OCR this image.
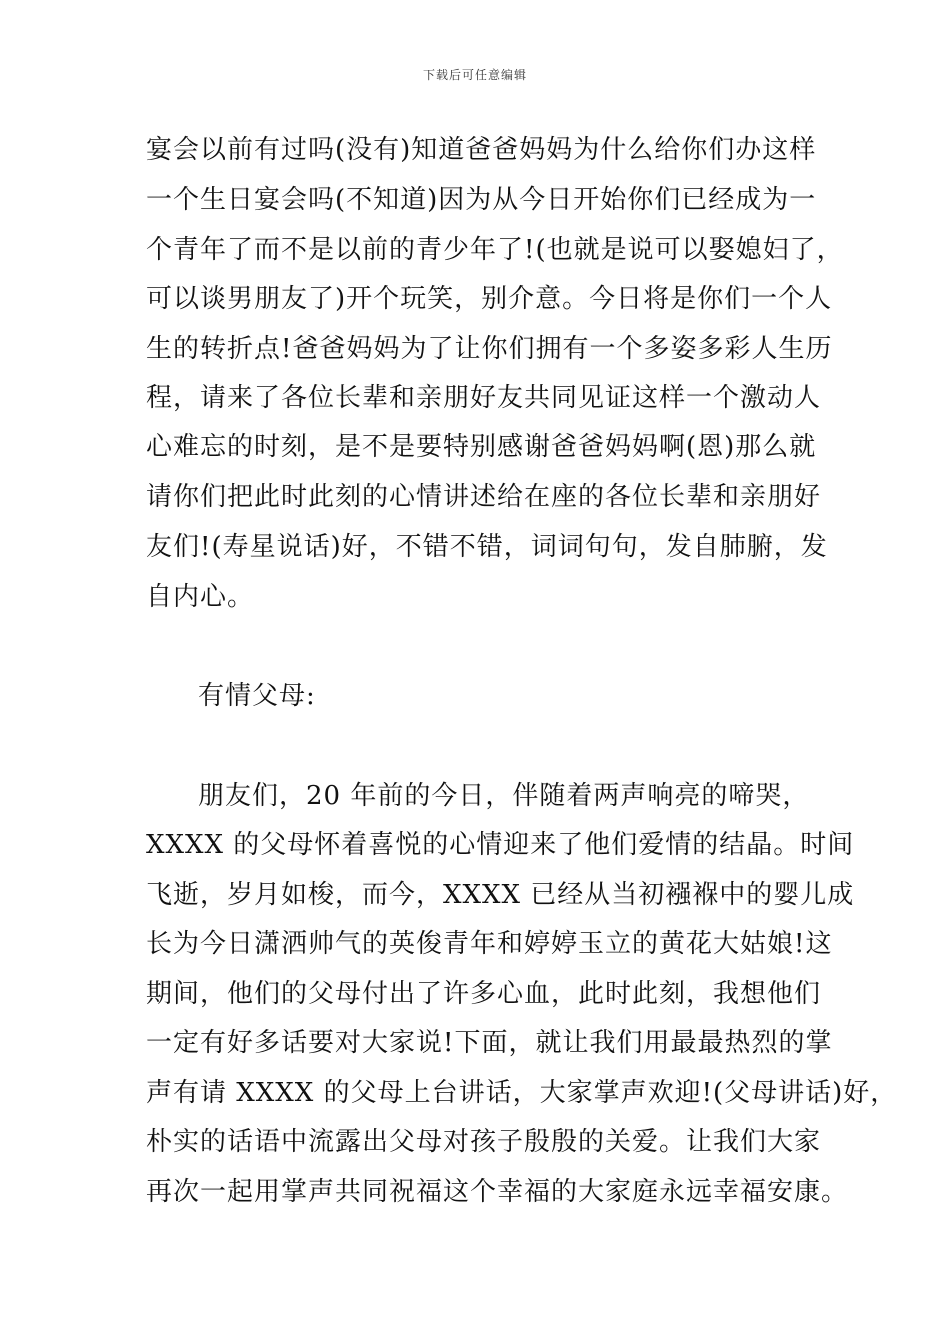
下载后可任意编辑
宴会以前有过吗(没有)知道爸爸妈妈为什么给你们办这样
一个生日宴会吗(不知道)因为从今日开始你们已经成为一
个青年了而不是以前的青少年了!(也就是说可以娶媳妇了，
可以谈男朋友了)开个玩笑，别介意。今日将是你们一个人
生的转折点!爸爸妈妈为了让你们拥有一个多姿多彩人生历
程，请来了各位长辈和亲朋好友共同见证这样一个激动人
心难忘的时刻，是不是要特别感谢爸爸妈妈啊(恩)那么就
请你们把此时此刻的心情讲述给在座的各位长辈和亲朋好
友们!(寿星说话)好，不错不错，词词句句，发自肺腑，发
自内心。
有情父母:
朋友们，20 年前的今日，伴随着两声响亮的啼哭，
XXXX 的父母怀着喜悦的心情迎来了他们爱情的结晶。时间
飞逝，岁月如梭，而今，XXXX 已经从当初襁褓中的婴儿成
长为今日潇洒帅气的英俊青年和婷婷玉立的黄花大姑娘!这
期间，他们的父母付出了许多心血，此时此刻，我想他们
一定有好多话要对大家说!下面，就让我们用最最热烈的掌
声有请 XXXX 的父母上台讲话，大家掌声欢迎!(父母讲话)好，
朴实的话语中流露出父母对孩子殷殷的关爱。让我们大家
再次一起用掌声共同祝福这个幸福的大家庭永远幸福安康。
